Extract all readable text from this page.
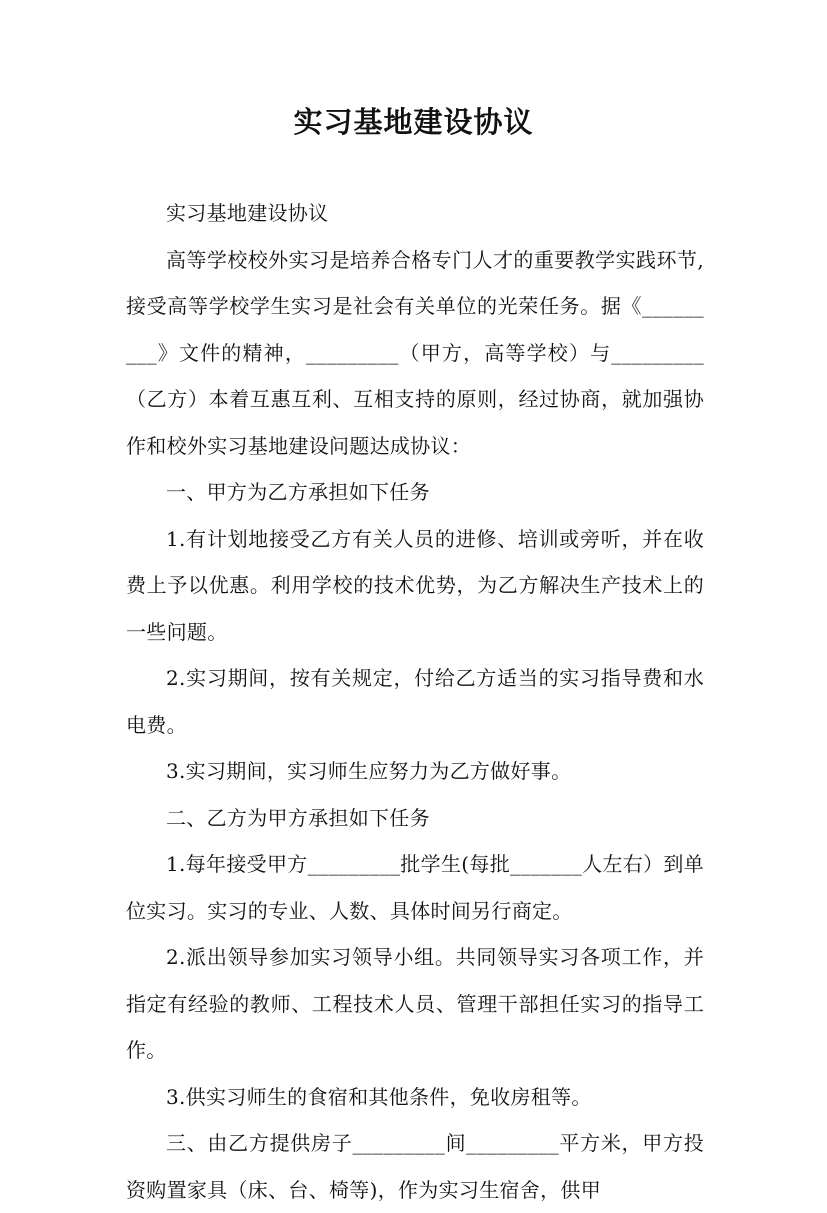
实习基地建设协议

实习基地建设协议

高等学校校外实习是培养合格专门人才的重要教学实践环节,接受高等学校学生实习是社会有关单位的光荣任务。据《_________》文件的精神，_________（甲方，高等学校）与_________（乙方）本着互惠互利、互相支持的原则，经过协商，就加强协作和校外实习基地建设问题达成协议：

一、甲方为乙方承担如下任务

1.有计划地接受乙方有关人员的进修、培训或旁听，并在收费上予以优惠。利用学校的技术优势，为乙方解决生产技术上的一些问题。

2.实习期间，按有关规定，付给乙方适当的实习指导费和水电费。

3.实习期间，实习师生应努力为乙方做好事。

二、乙方为甲方承担如下任务

1.每年接受甲方_________批学生(每批_______人左右）到单位实习。实习的专业、人数、具体时间另行商定。

2.派出领导参加实习领导小组。共同领导实习各项工作，并指定有经验的教师、工程技术人员、管理干部担任实习的指导工作。

3.供实习师生的食宿和其他条件，免收房租等。

三、由乙方提供房子_________间_________平方米，甲方投资购置家具（床、台、椅等)，作为实习生宿舍，供甲
